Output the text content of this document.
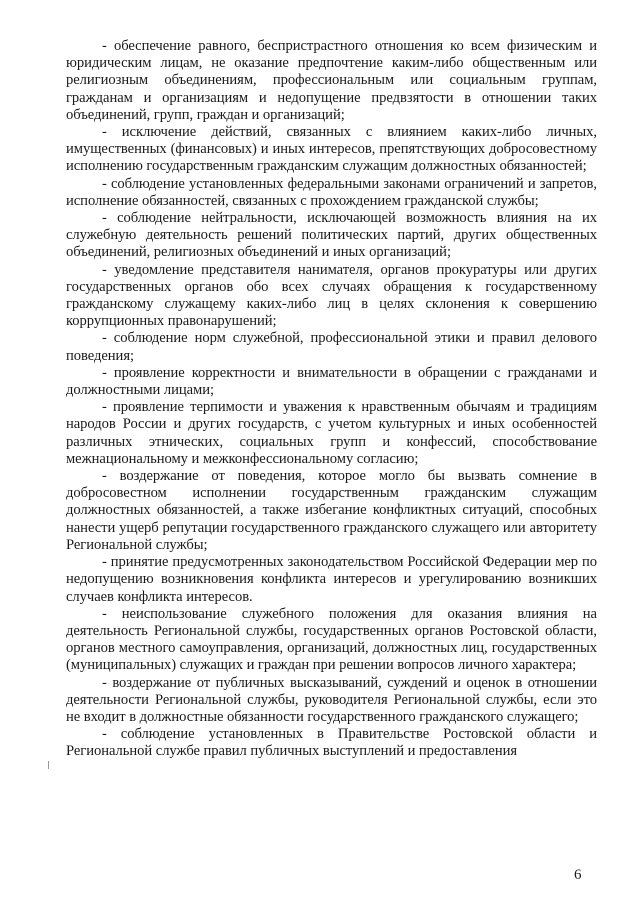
- обеспечение равного, беспристрастного отношения ко всем физическим и юридическим лицам, не оказание предпочтение каким-либо общественным или религиозным объединениям, профессиональным или социальным группам, гражданам и организациям и недопущение предвзятости в отношении таких объединений, групп, граждан и организаций;

- исключение действий, связанных с влиянием каких-либо личных, имущественных (финансовых) и иных интересов, препятствующих добросовестному исполнению государственным гражданским служащим должностных обязанностей;

- соблюдение установленных федеральными законами ограничений и запретов, исполнение обязанностей, связанных с прохождением гражданской службы;

- соблюдение нейтральности, исключающей возможность влияния на их служебную деятельность решений политических партий, других общественных объединений, религиозных объединений и иных организаций;

- уведомление представителя нанимателя, органов прокуратуры или других государственных органов обо всех случаях обращения к государственному гражданскому служащему каких-либо лиц в целях склонения к совершению коррупционных правонарушений;

- соблюдение норм служебной, профессиональной этики и правил делового поведения;

- проявление корректности и внимательности в обращении с гражданами и должностными лицами;

- проявление терпимости и уважения к нравственным обычаям и традициям народов России и других государств, с учетом культурных и иных особенностей различных этнических, социальных групп и конфессий, способствование межнациональному и межконфессиональному согласию;

- воздержание от поведения, которое могло бы вызвать сомнение в добросовестном исполнении государственным гражданским служащим должностных обязанностей, а также избегание конфликтных ситуаций, способных нанести ущерб репутации государственного гражданского служащего или авторитету Региональной службы;

- принятие предусмотренных законодательством Российской Федерации мер по недопущению возникновения конфликта интересов и урегулированию возникших случаев конфликта интересов.

- неиспользование служебного положения для оказания влияния на деятельность Региональной службы, государственных органов Ростовской области, органов местного самоуправления, организаций, должностных лиц, государственных (муниципальных) служащих и граждан при решении вопросов личного характера;

- воздержание от публичных высказываний, суждений и оценок в отношении деятельности Региональной службы, руководителя Региональной службы, если это не входит в должностные обязанности государственного гражданского служащего;

- соблюдение установленных в Правительстве Ростовской области и Региональной службе правил публичных выступлений и предоставления

6
